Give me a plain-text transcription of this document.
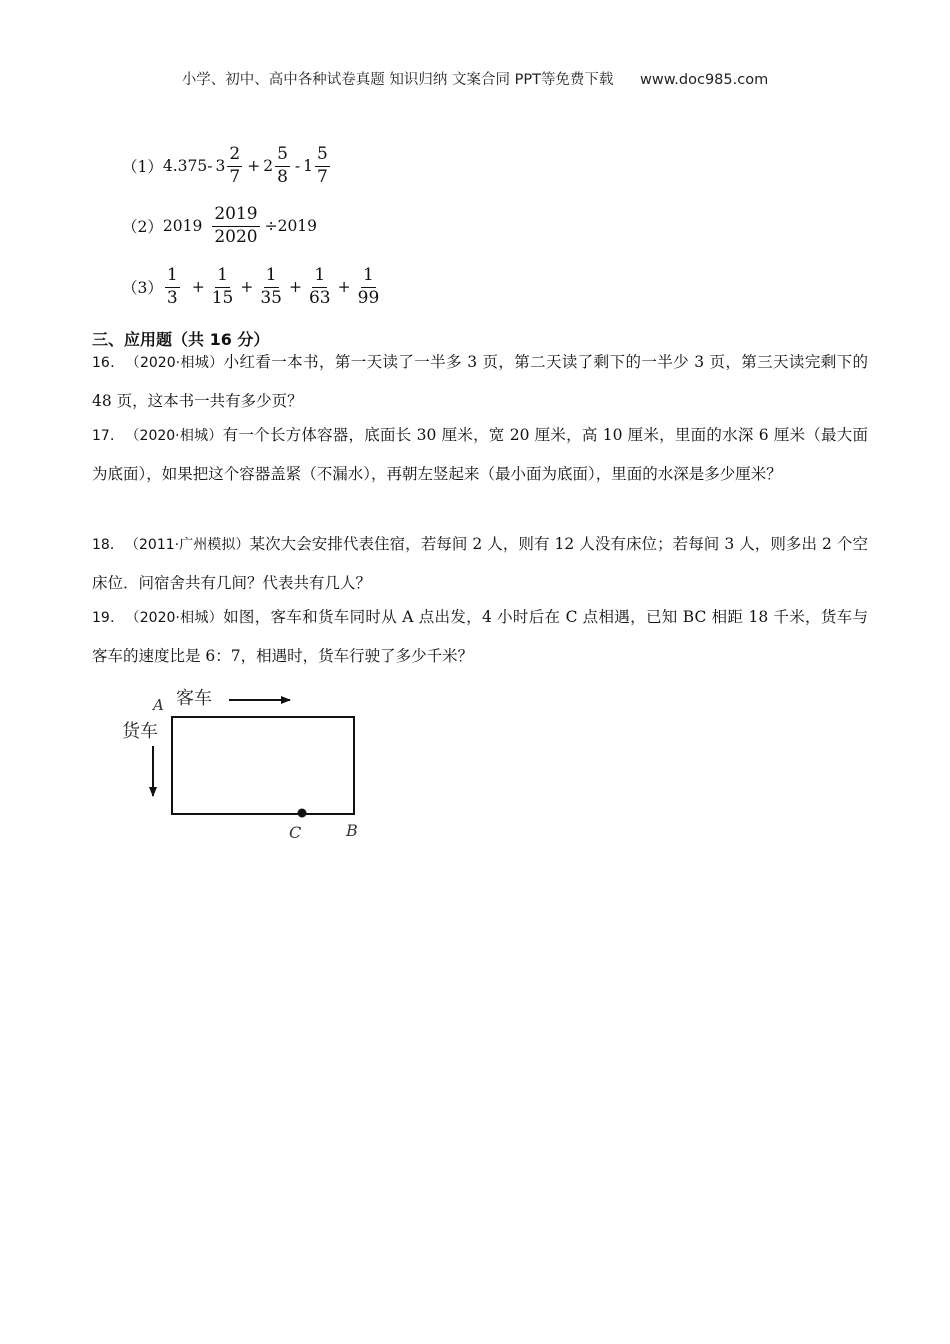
小学、初中、高中各种试卷真题 知识归纳 文案合同 PPT等免费下载 www.doc985.com
（1） 4.375- $3 \frac{2}{7} + 2 \frac{5}{8} - 1 \frac{5}{7}$
（2） $2019 \frac{2019}{2020} \div 2019$
$(3) \frac{1}{3} + \frac{1}{15} + \frac{1}{35} + \frac{1}{63} + \frac{1}{99}$
三、应用题（共 16 分）
16． （2020·相城）小红看一本书，第一天读了一半多 3 页，第二天读了剩下的一半少 3 页，第三天读完剩下的 48 页，这本书一共有多少页？
17． （2020·相城）有一个长方体容器，底面长 30 厘米，宽 20 厘米，高 10 厘米，里面的水深 6 厘米（最大面为底面），如果把这个容器盖紧（不漏水），再朝左竖起来（最小面为底面），里面的水深是多少厘米？
18． （2011·广州模拟）某次大会安排代表住宿，若每间 2 人，则有 12 人没有床位；若每间 3 人，则多出 2 个空床位．问宿舍共有几间？代表共有几人？
19． （2020·相城）如图，客车和货车同时从 A 点出发，4 小时后在 C 点相遇，已知 BC 相距 18 千米，货车与客车的速度比是 6：7，相遇时，货车行驶了多少千米？
A 客车
货车
C	B
